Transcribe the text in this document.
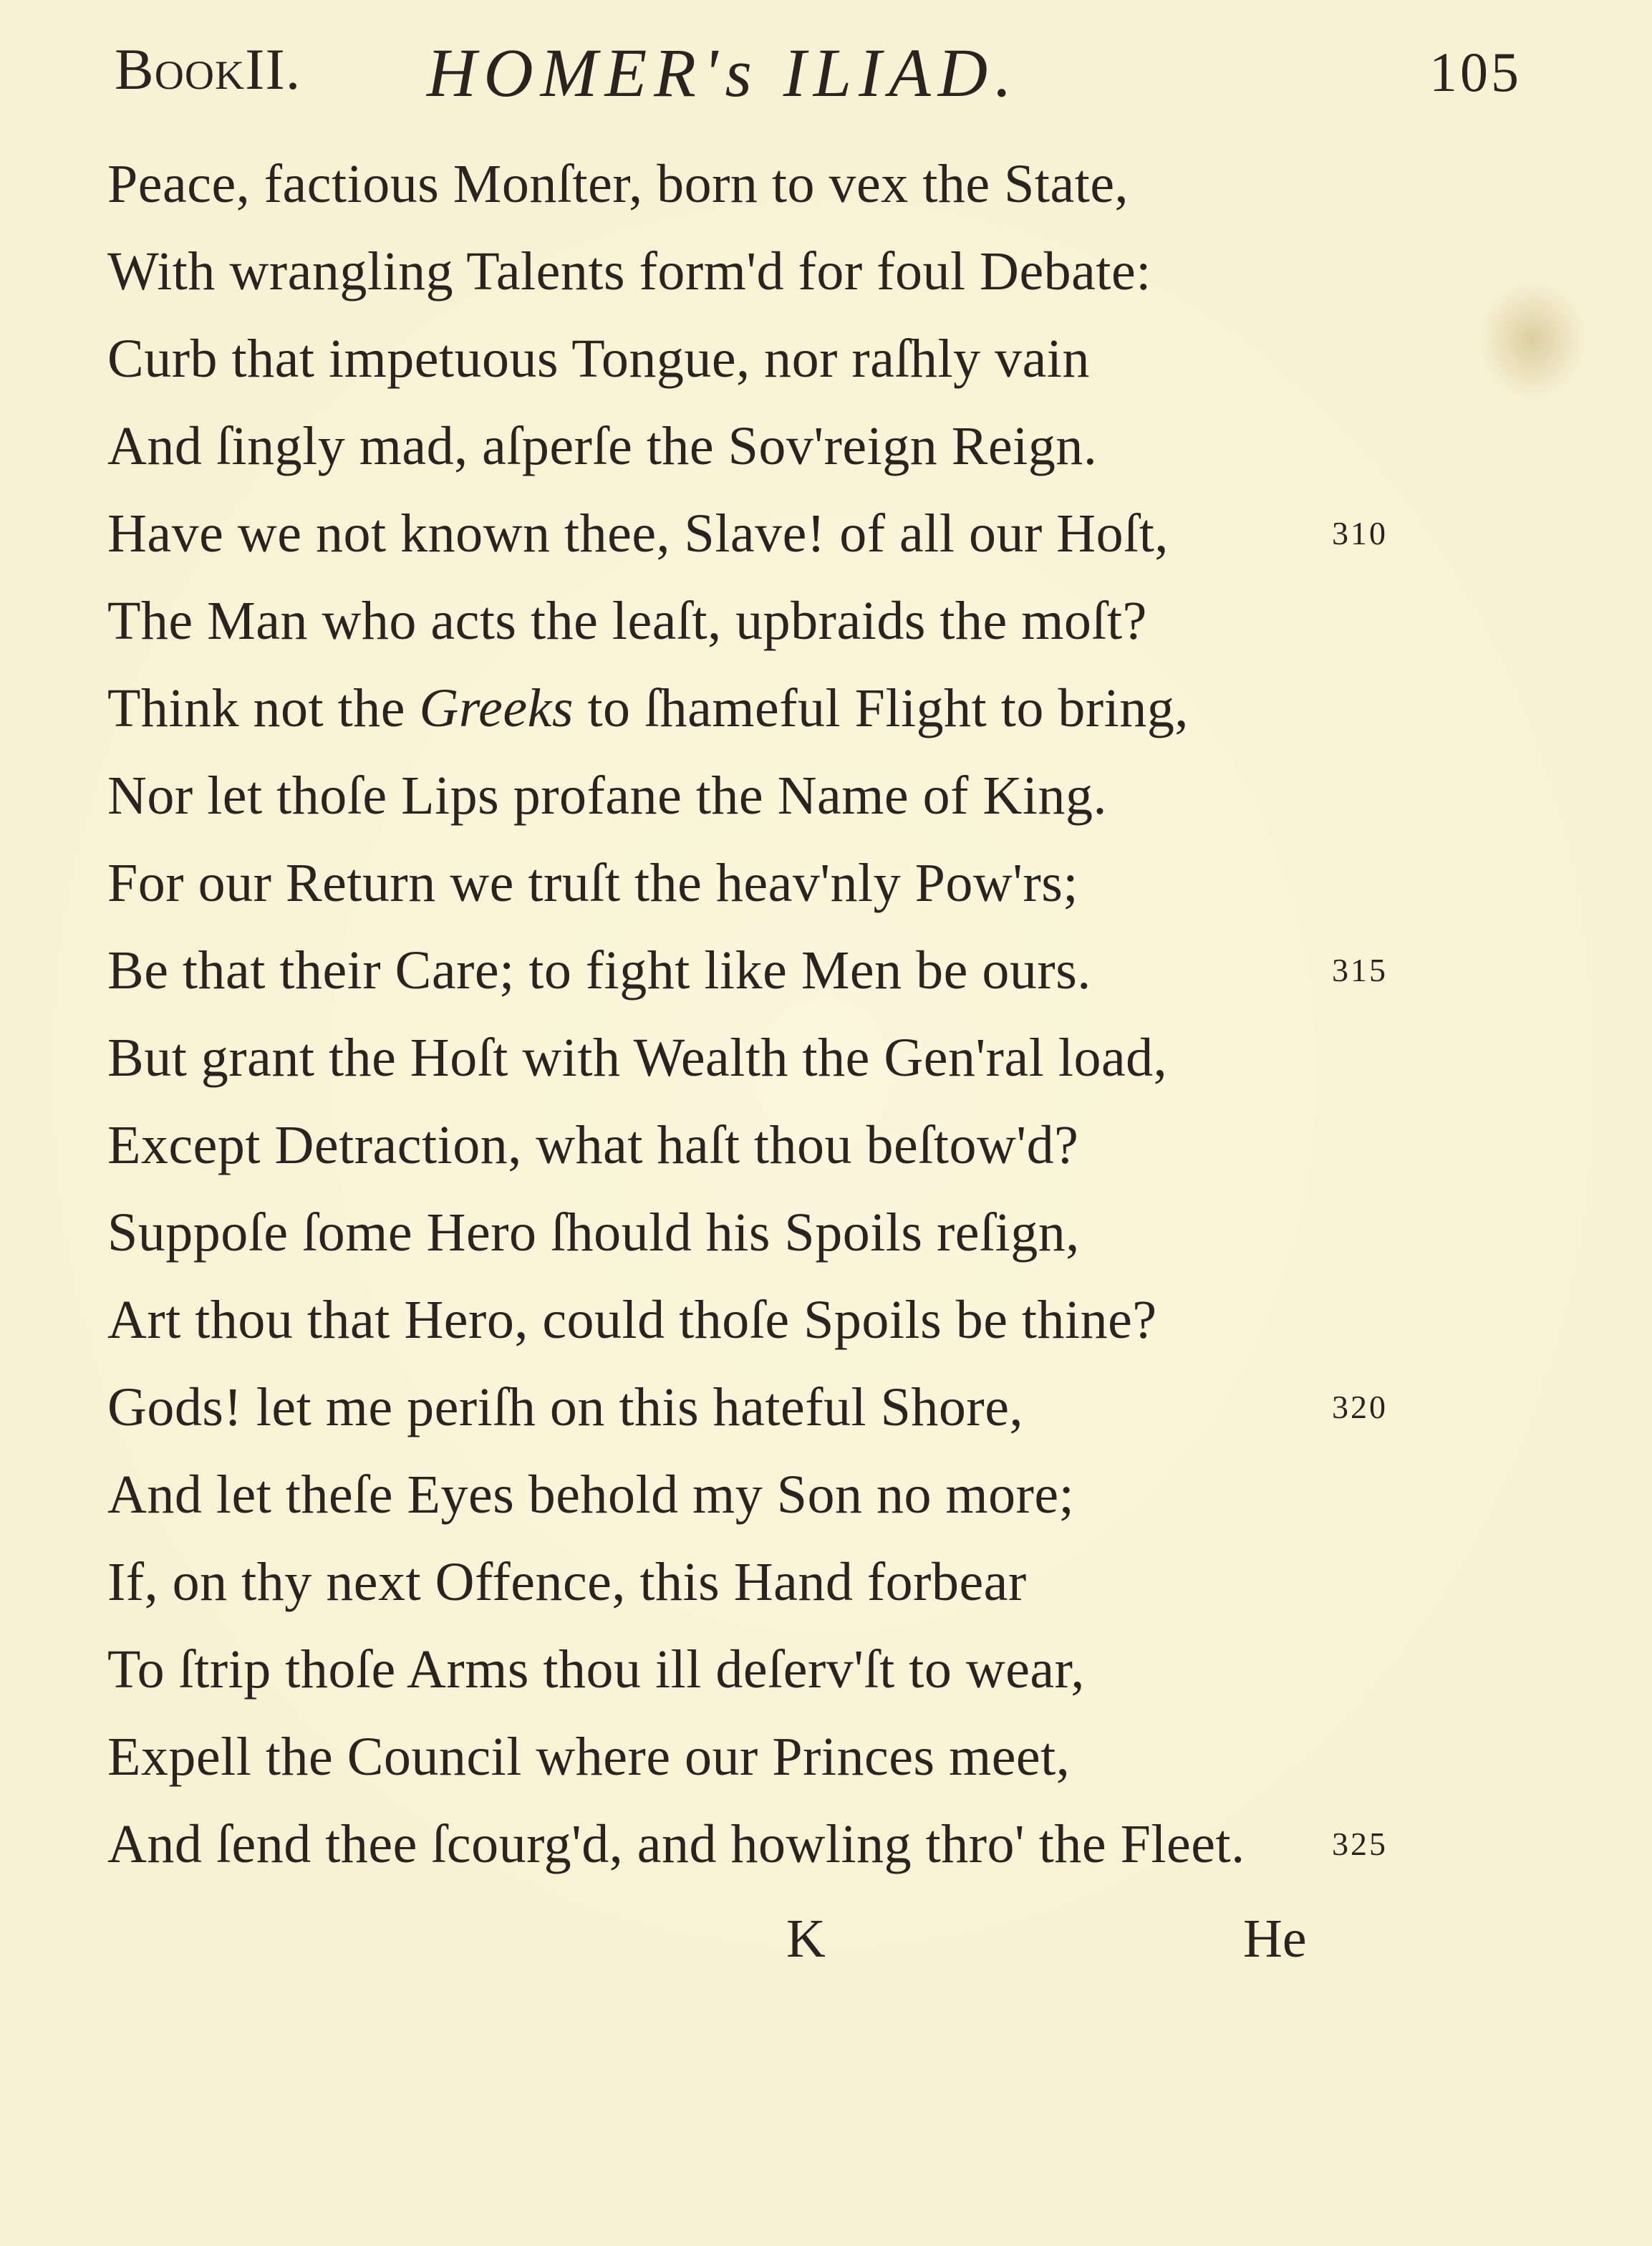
BookII. HOMER's ILIAD.	105
Peace, factious Monſter, born to vex the State,
With wrangling Talents form'd for foul Debate:
Curb that impetuous Tongue, nor raſhly vain
And ſingly mad, aſperſe the Sov'reign Reign.
Have we not known thee, Slave! of all our Hoſt,	310
The Man who acts the leaſt, upbraids the moſt?
Think not the Greeks to ſhameful Flight to bring,
Nor let thoſe Lips profane the Name of King.
For our Return we truſt the heav'nly Pow'rs;
Be that their Care; to fight like Men be ours.	315
But grant the Hoſt with Wealth the Gen'ral load,
Except Detraction, what haſt thou beſtow'd?
Suppoſe ſome Hero ſhould his Spoils reſign,
Art thou that Hero, could thoſe Spoils be thine?
Gods! let me periſh on this hateful Shore,	320
And let theſe Eyes behold my Son no more;
If, on thy next Offence, this Hand forbear
To ſtrip thoſe Arms thou ill deſerv'ſt to wear,
Expell the Council where our Princes meet,
And ſend thee ſcourg'd, and howling thro' the Fleet.	325
K	He
